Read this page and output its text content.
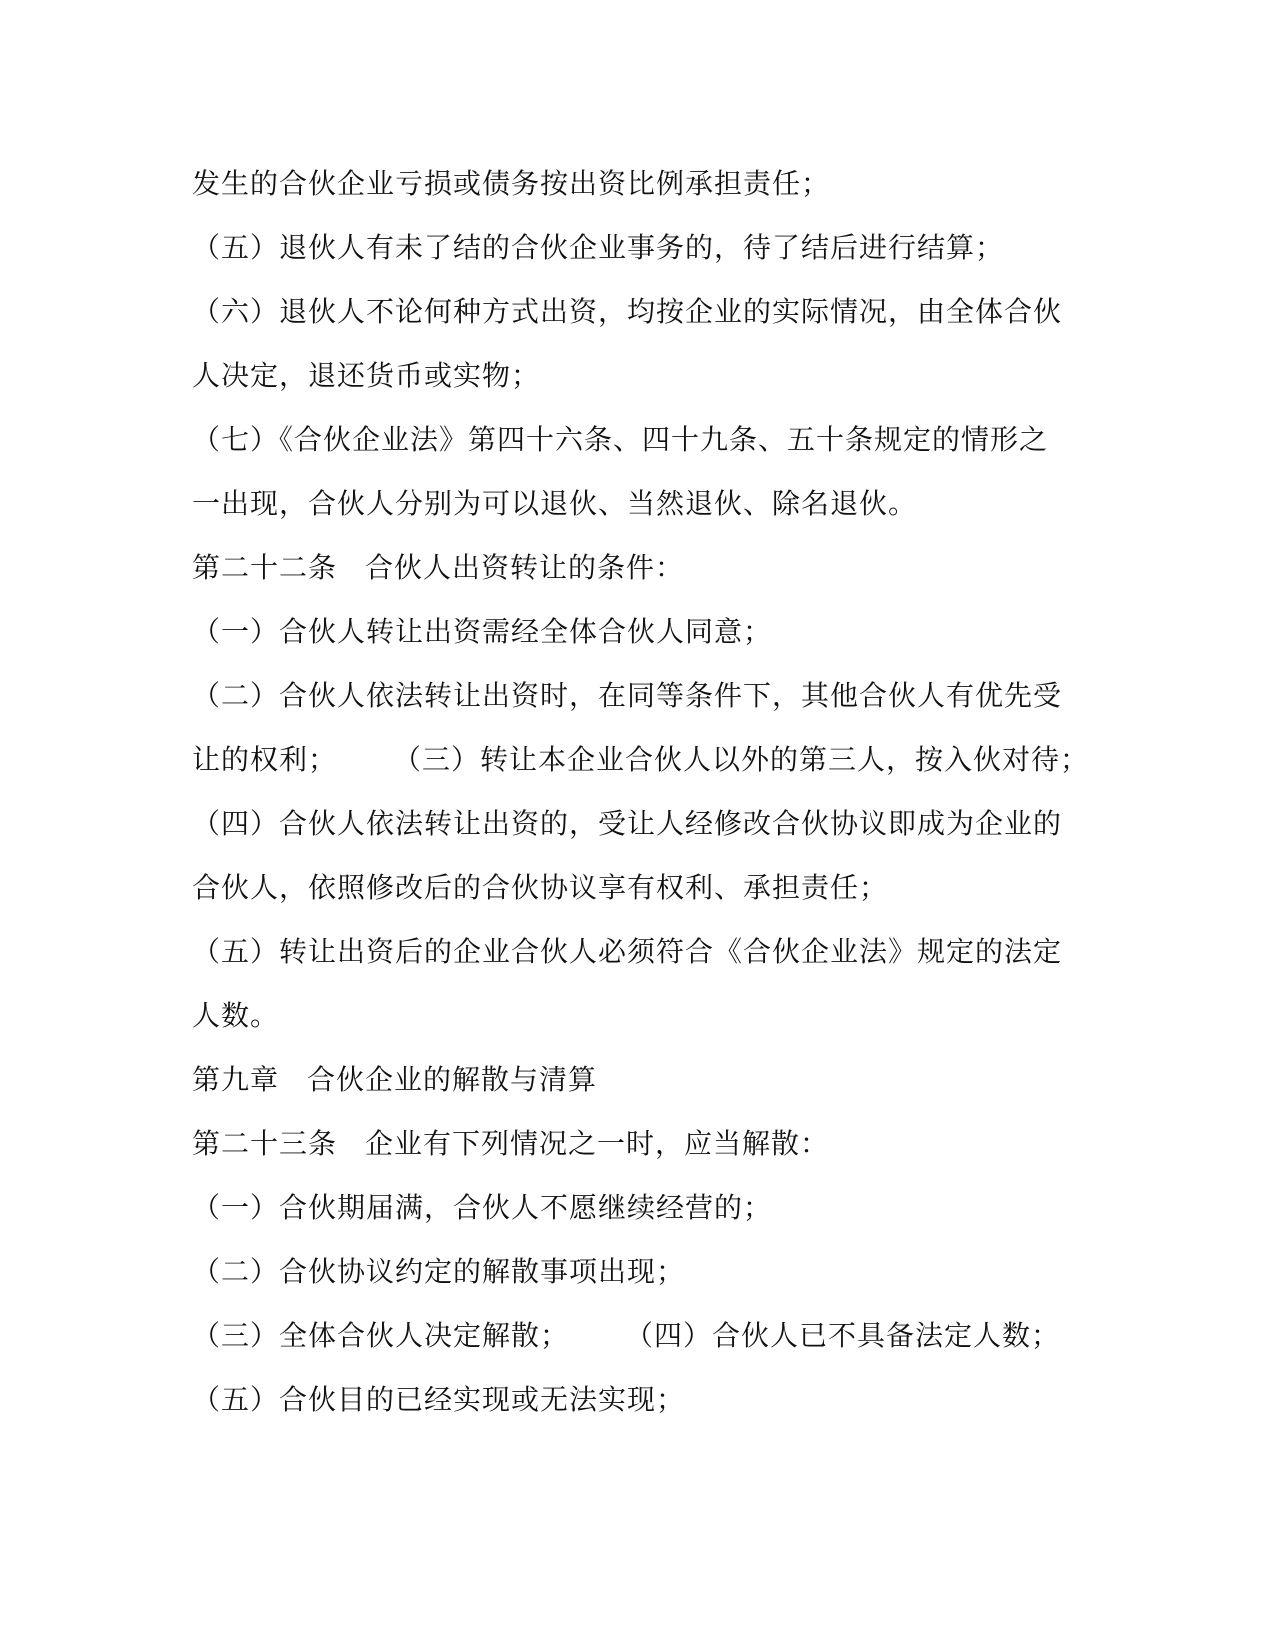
发生的合伙企业亏损或债务按出资比例承担责任；
（五）退伙人有未了结的合伙企业事务的，待了结后进行结算；
（六）退伙人不论何种方式出资，均按企业的实际情况，由全体合伙
人决定，退还货币或实物；
（七）《合伙企业法》第四十六条、四十九条、五十条规定的情形之
一出现，合伙人分别为可以退伙、当然退伙、除名退伙。
第二十二条 合伙人出资转让的条件：
（一）合伙人转让出资需经全体合伙人同意；
（二）合伙人依法转让出资时，在同等条件下，其他合伙人有优先受
让的权利； （三）转让本企业合伙人以外的第三人，按入伙对待；
（四）合伙人依法转让出资的，受让人经修改合伙协议即成为企业的
合伙人，依照修改后的合伙协议享有权利、承担责任；
（五）转让出资后的企业合伙人必须符合《合伙企业法》规定的法定
人数。
第九章 合伙企业的解散与清算
第二十三条 企业有下列情况之一时，应当解散：
（一）合伙期届满，合伙人不愿继续经营的；
（二）合伙协议约定的解散事项出现；
（三）全体合伙人决定解散； （四）合伙人已不具备法定人数；
（五）合伙目的已经实现或无法实现；
